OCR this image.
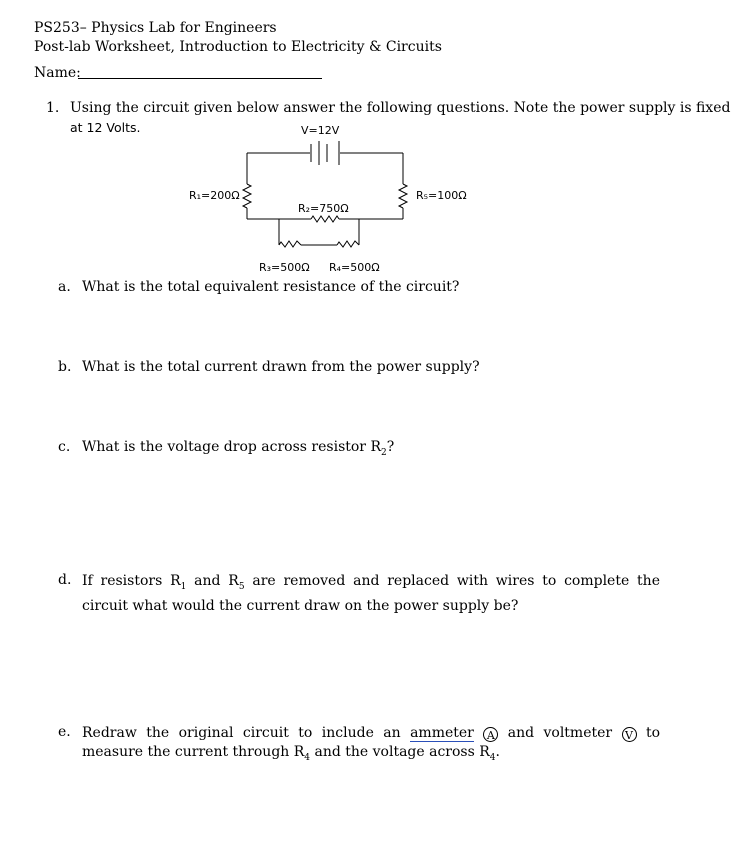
PS253– Physics Lab for Engineers
Post-lab Worksheet, Introduction to Electricity & Circuits
Name:
1. Using the circuit given below answer the following questions. Note the power supply is fixed
at 12 Volts.	V=12V
R₁=200Ω
R₂=750Ω
R₅=100Ω
R₃=500Ω R₄=500Ω
a. What is the total equivalent resistance of the circuit?
b. What is the total current drawn from the power supply?
c. What is the voltage drop across resistor $R_2$?
d. If resistors $R_1$ and $R_5$ are removed and replaced with wires to complete the circuit what would the current draw on the power supply be?
e. Redraw the original circuit to include an ammeter A and voltmeter V to measure the current through $R_4$ and the voltage across $R_4$.
